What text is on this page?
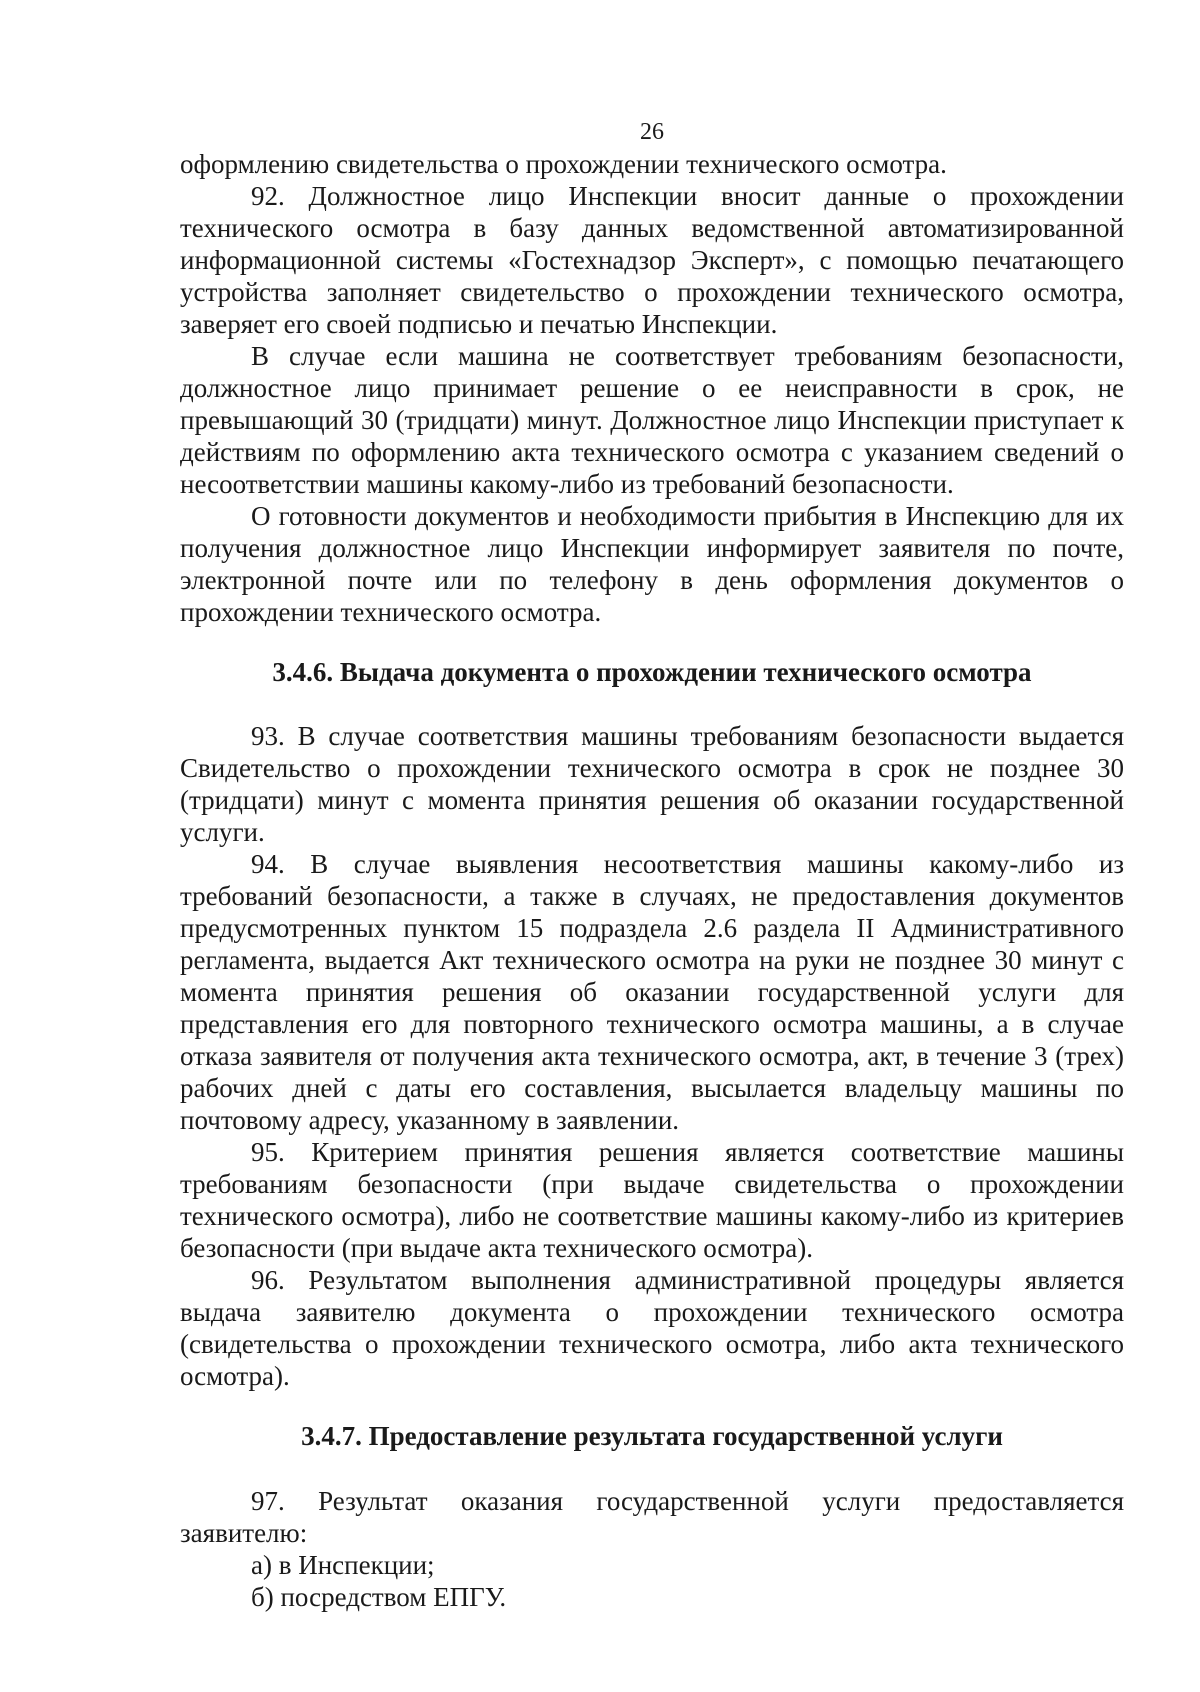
26

оформлению свидетельства о прохождении технического осмотра.

92. Должностное лицо Инспекции вносит данные о прохождении технического осмотра в базу данных ведомственной автоматизированной информационной системы «Гостехнадзор Эксперт», с помощью печатающего устройства заполняет свидетельство о прохождении технического осмотра, заверяет его своей подписью и печатью Инспекции.

В случае если машина не соответствует требованиям безопасности, должностное лицо принимает решение о ее неисправности в срок, не превышающий 30 (тридцати) минут. Должностное лицо Инспекции приступает к действиям по оформлению акта технического осмотра с указанием сведений о несоответствии машины какому-либо из требований безопасности.

О готовности документов и необходимости прибытия в Инспекцию для их получения должностное лицо Инспекции информирует заявителя по почте, электронной почте или по телефону в день оформления документов о прохождении технического осмотра.

3.4.6. Выдача документа о прохождении технического осмотра

93. В случае соответствия машины требованиям безопасности выдается Свидетельство о прохождении технического осмотра в срок не позднее 30 (тридцати) минут с момента принятия решения об оказании государственной услуги.

94. В случае выявления несоответствия машины какому-либо из требований безопасности, а также в случаях, не предоставления документов предусмотренных пунктом 15 подраздела 2.6 раздела II Административного регламента, выдается Акт технического осмотра на руки не позднее 30 минут с момента принятия решения об оказании государственной услуги для представления его для повторного технического осмотра машины, а в случае отказа заявителя от получения акта технического осмотра, акт, в течение 3 (трех) рабочих дней с даты его составления, высылается владельцу машины по почтовому адресу, указанному в заявлении.

95. Критерием принятия решения является соответствие машины требованиям безопасности (при выдаче свидетельства о прохождении технического осмотра), либо не соответствие машины какому-либо из критериев безопасности (при выдаче акта технического осмотра).

96. Результатом выполнения административной процедуры является выдача заявителю документа о прохождении технического осмотра (свидетельства о прохождении технического осмотра, либо акта технического осмотра).

3.4.7. Предоставление результата государственной услуги

97. Результат оказания государственной услуги предоставляется заявителю:

а) в Инспекции;

б) посредством ЕПГУ.
